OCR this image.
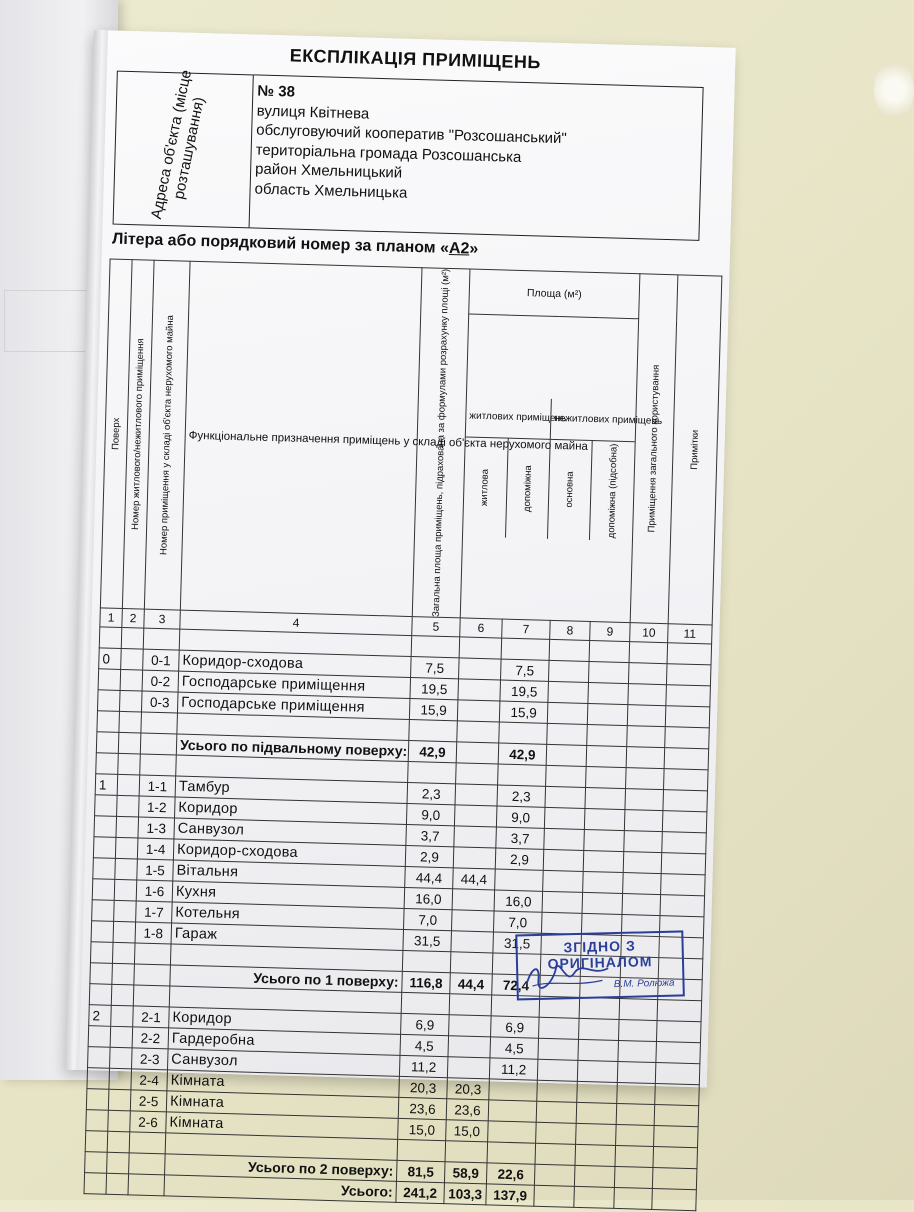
ЕКСПЛІКАЦІЯ ПРИМІЩЕНЬ
Адреса об'єкта (місце розташування)
№ 38
вулиця Квітнева
обслуговуючий кооператив "Розсошанський"
територіальна громада Розсошанська
район Хмельницький
область Хмельницька
Літера або порядковий номер за планом «А2»
Поверх	Номер житлового/нежитлового приміщення	Номер приміщення у складі об'єкта нерухомого майна	Функціональне призначення приміщень у складі об'єкта нерухомого майна	
Загальна площа приміщень, підрахована за формулами розрахунку площі (м²)	Площа (м²)	
Приміщення загального користування	Примітки

житлових приміщень	нежитлових приміщень

житлова	допоміжна	основна	допоміжна (підсобна)

1	2	3	4	5	6	7	8	9	10	11

0		0-1	Коридор-сходова	7,5		7,5				
		0-2	Господарське приміщення	19,5		19,5				
		0-3	Господарське приміщення	15,9		15,9				

			Усього по підвальному поверху:	42,9		42,9				

1		1-1	Тамбур	2,3		2,3				
		1-2	Коридор	9,0		9,0				
		1-3	Санвузол	3,7		3,7				
		1-4	Коридор-сходова	2,9		2,9				
		1-5	Вітальня	44,4	44,4					
		1-6	Кухня	16,0		16,0				
		1-7	Котельня	7,0		7,0				
		1-8	Гараж	31,5		31,5				

			Усього по 1 поверху:	116,8	44,4	72,4				

2		2-1	Коридор	6,9		6,9				
		2-2	Гардеробна	4,5		4,5				
		2-3	Санвузол	11,2		11,2				
		2-4	Кімната	20,3	20,3					
		2-5	Кімната	23,6	23,6					
		2-6	Кімната	15,0	15,0					

			Усього по 2 поверху:	81,5	58,9	22,6				
			Усього:	241,2	103,3	137,9				
ЗГІДНО З ОРИГІНАЛОМ
В.М. Ролюжа
